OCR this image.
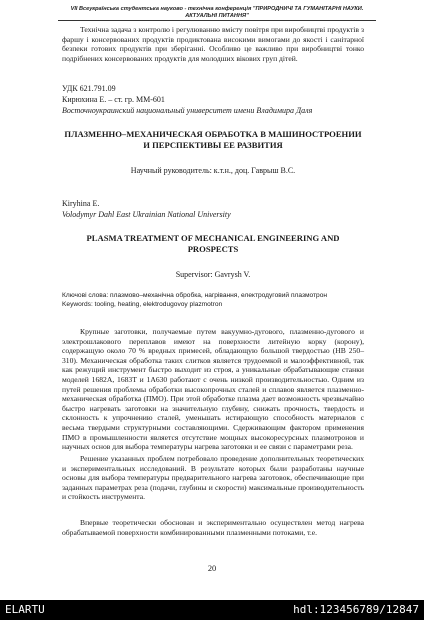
VII Всеукраїнська студентська науково - технічна конференція "ПРИРОДНИЧІ ТА ГУМАНІТАРНІ НАУКИ. АКТУАЛЬНІ ПИТАННЯ"

Технічна задача з контролю і регулюванню вмісту повітря при виробництві продуктів з фаршу і консервованих продуктів продиктована високими вимогами до якості і санітарної безпеки готових продуктів при зберіганні. Особливо це важливо при виробництві тонко подрібнених консервованих продуктів для молодших вікових груп дітей.

УДК 621.791.09

Кирюхина Е. – ст. гр. ММ-601

Восточноукраинский национальный университет имени Владимира Даля

ПЛАЗМЕННО–МЕХАНИЧЕСКАЯ ОБРАБОТКА В МАШИНОСТРОЕНИИ И ПЕРСПЕКТИВЫ ЕЕ РАЗВИТИЯ

Научный руководитель: к.т.н., доц. Гаврыш В.С.

Kiryhina E.

Volodymyr Dahl East Ukrainian National University

PLASMA TREATMENT OF MECHANICAL ENGINEERING AND PROSPECTS

Supervisor: Gavrysh V.

Ключові слова: плазмово–механічна обробка, нагрівання, електродуговий плазмотрон

Keywords: tooling, heating, elektrodugovoy plazmotron

Крупные заготовки, получаемые путем вакуумно-дугового, плазменно-дугового и электрошлакового переплавов имеют на поверхности литейную корку (корону), содержащую около 70 % вредных примесей, обладающую большой твердостью (НВ 250–310). Механическая обработка таких слитков является трудоемкой и малоэффективной, так как режущий инструмент быстро выходит из строя, а уникальные обрабатывающие станки моделей 1682А, 1683Т и 1А630 работают с очень низкой производительностью. Одним из путей решения проблемы обработки высокопрочных сталей и сплавов является плазменно-механическая обработка (ПМО). При этой обработке плазма дает возможность чрезвычайно быстро нагревать заготовки на значительную глубину, снижать прочность, твердость и склонность к упрочнению сталей, уменьшать истирающую способность материалов с весьма твердыми структурными составляющими. Сдерживающим фактором применения ПМО в промышленности является отсутствие мощных высокоресурсных плазмотронов и научных основ для выбора температуры нагрева заготовки и ее связи с параметрами реза.

Решение указанных проблем потребовало проведение дополнительных теоретических и экспериментальных исследований. В результате которых были разработаны научные основы для выбора температуры предварительного нагрева заготовок, обеспечивающие при заданных параметрах реза (подачи, глубины и скорости) максимальные производительность и стойкость инструмента.

Впервые теоретически обоснован и экспериментально осуществлен метод нагрева обрабатываемой поверхности комбинированными плазменными потоками, т.е.

20
ELARTU	hdl:123456789/12847
